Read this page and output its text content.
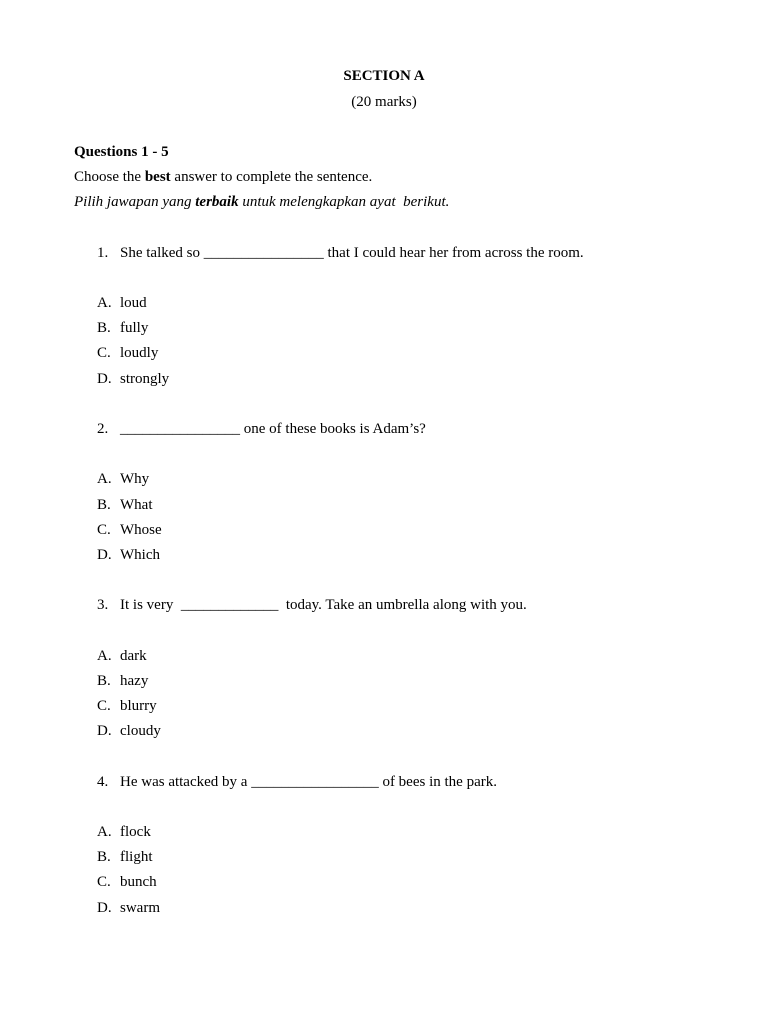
SECTION A
(20 marks)
Questions 1 - 5
Choose the best answer to complete the sentence.
Pilih jawapan yang terbaik untuk melengkapkan ayat  berikut.
1. She talked so ________________ that I could hear her from across the room.
A. loud
B. fully
C. loudly
D. strongly
2. ________________ one of these books is Adam’s?
A. Why
B. What
C. Whose
D. Which
3. It is very  _____________  today. Take an umbrella along with you.
A. dark
B. hazy
C. blurry
D. cloudy
4. He was attacked by a _________________ of bees in the park.
A. flock
B. flight
C. bunch
D. swarm
